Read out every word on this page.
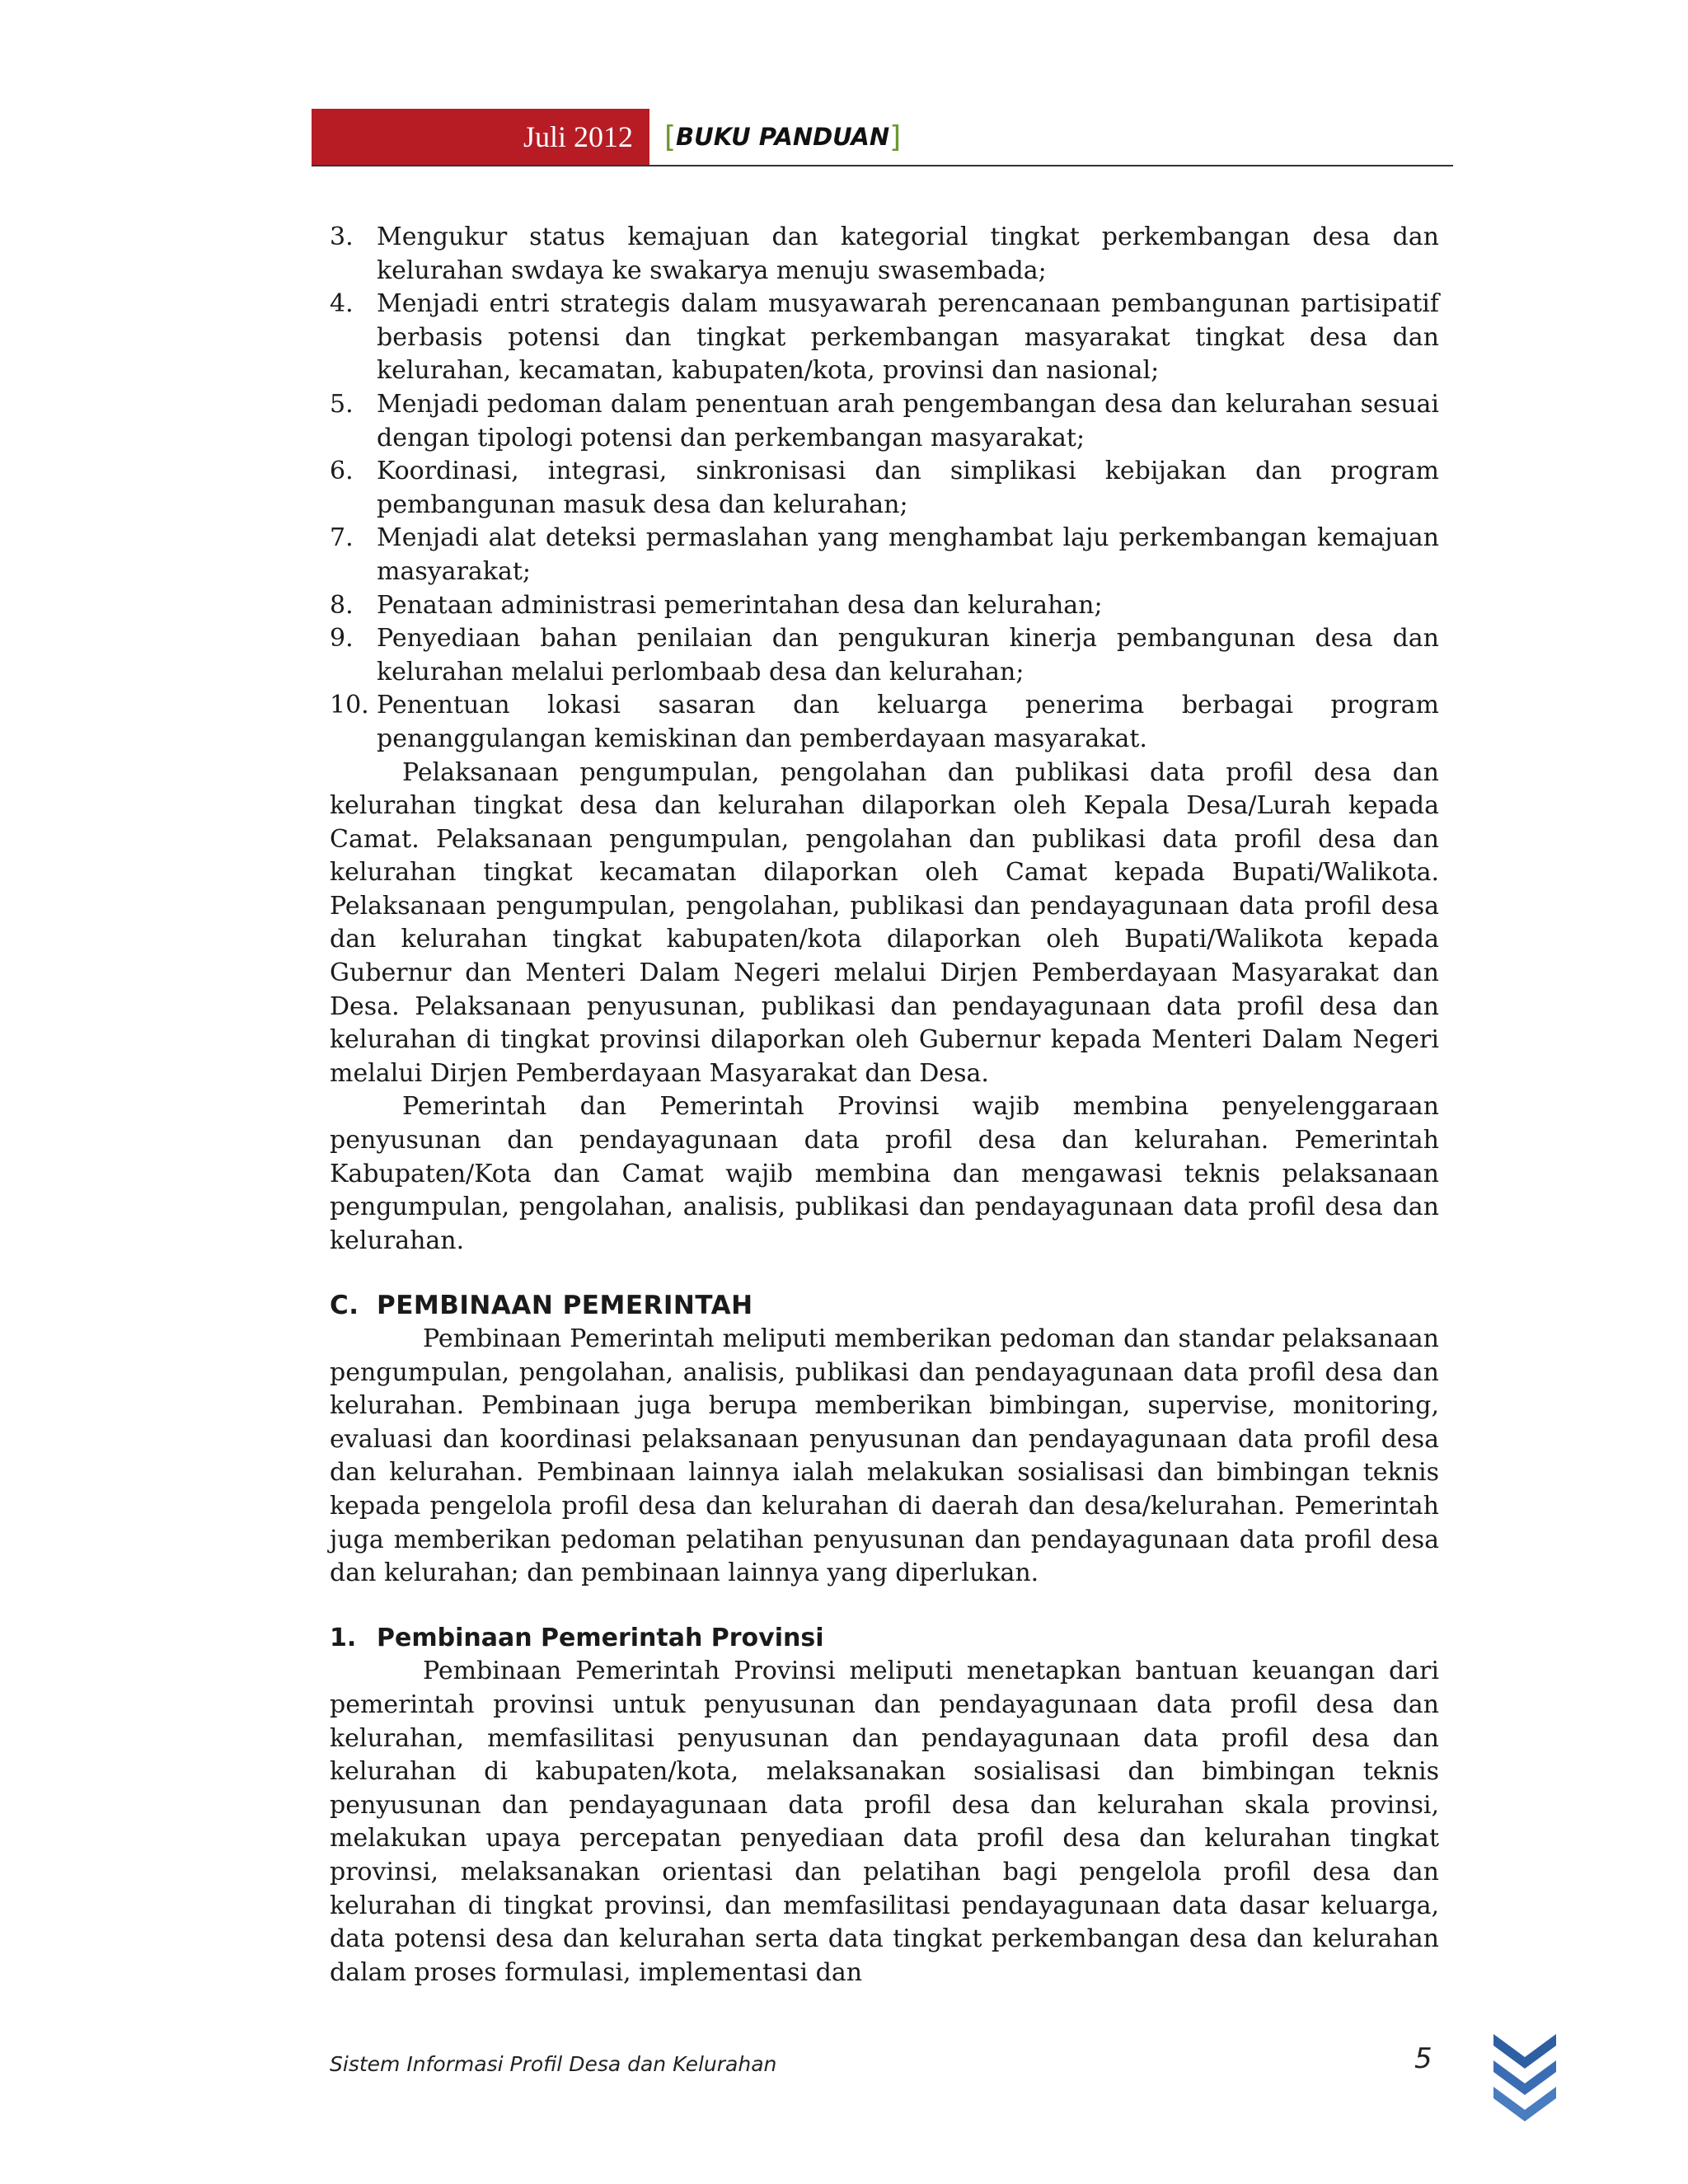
Juli 2012	[ BUKU PANDUAN ]
3. Mengukur status kemajuan dan kategorial tingkat perkembangan desa dan kelurahan swdaya ke swakarya menuju swasembada;
4. Menjadi entri strategis dalam musyawarah perencanaan pembangunan partisipatif berbasis potensi dan tingkat perkembangan masyarakat tingkat desa dan kelurahan, kecamatan, kabupaten/kota, provinsi dan nasional;
5. Menjadi pedoman dalam penentuan arah pengembangan desa dan kelurahan sesuai dengan tipologi potensi dan perkembangan masyarakat;
6. Koordinasi, integrasi, sinkronisasi dan simplikasi kebijakan dan program pembangunan masuk desa dan kelurahan;
7. Menjadi alat deteksi permaslahan yang menghambat laju perkembangan kemajuan masyarakat;
8. Penataan administrasi pemerintahan desa dan kelurahan;
9. Penyediaan bahan penilaian dan pengukuran kinerja pembangunan desa dan kelurahan melalui perlombaab desa dan kelurahan;
10. Penentuan lokasi sasaran dan keluarga penerima berbagai program penanggulangan kemiskinan dan pemberdayaan masyarakat.

Pelaksanaan pengumpulan, pengolahan dan publikasi data profil desa dan kelurahan tingkat desa dan kelurahan dilaporkan oleh Kepala Desa/Lurah kepada Camat. Pelaksanaan pengumpulan, pengolahan dan publikasi data profil desa dan kelurahan tingkat kecamatan dilaporkan oleh Camat kepada Bupati/Walikota. Pelaksanaan pengumpulan, pengolahan, publikasi dan pendayagunaan data profil desa dan kelurahan tingkat kabupaten/kota dilaporkan oleh Bupati/Walikota kepada Gubernur dan Menteri Dalam Negeri melalui Dirjen Pemberdayaan Masyarakat dan Desa. Pelaksanaan penyusunan, publikasi dan pendayagunaan data profil desa dan kelurahan di tingkat provinsi dilaporkan oleh Gubernur kepada Menteri Dalam Negeri melalui Dirjen Pemberdayaan Masyarakat dan Desa.

Pemerintah dan Pemerintah Provinsi wajib membina penyelenggaraan penyusunan dan pendayagunaan data profil desa dan kelurahan. Pemerintah Kabupaten/Kota dan Camat wajib membina dan mengawasi teknis pelaksanaan pengumpulan, pengolahan, analisis, publikasi dan pendayagunaan data profil desa dan kelurahan.

C. PEMBINAAN PEMERINTAH

Pembinaan Pemerintah meliputi memberikan pedoman dan standar pelaksanaan pengumpulan, pengolahan, analisis, publikasi dan pendayagunaan data profil desa dan kelurahan. Pembinaan juga berupa memberikan bimbingan, supervise, monitoring, evaluasi dan koordinasi pelaksanaan penyusunan dan pendayagunaan data profil desa dan kelurahan. Pembinaan lainnya ialah melakukan sosialisasi dan bimbingan teknis kepada pengelola profil desa dan kelurahan di daerah dan desa/kelurahan. Pemerintah juga memberikan pedoman pelatihan penyusunan dan pendayagunaan data profil desa dan kelurahan; dan pembinaan lainnya yang diperlukan.

1. Pembinaan Pemerintah Provinsi

Pembinaan Pemerintah Provinsi meliputi menetapkan bantuan keuangan dari pemerintah provinsi untuk penyusunan dan pendayagunaan data profil desa dan kelurahan, memfasilitasi penyusunan dan pendayagunaan data profil desa dan kelurahan di kabupaten/kota, melaksanakan sosialisasi dan bimbingan teknis penyusunan dan pendayagunaan data profil desa dan kelurahan skala provinsi, melakukan upaya percepatan penyediaan data profil desa dan kelurahan tingkat provinsi, melaksanakan orientasi dan pelatihan bagi pengelola profil desa dan kelurahan di tingkat provinsi, dan memfasilitasi pendayagunaan data dasar keluarga, data potensi desa dan kelurahan serta data tingkat perkembangan desa dan kelurahan dalam proses formulasi, implementasi dan

Sistem Informasi Profil Desa dan Kelurahan	5
